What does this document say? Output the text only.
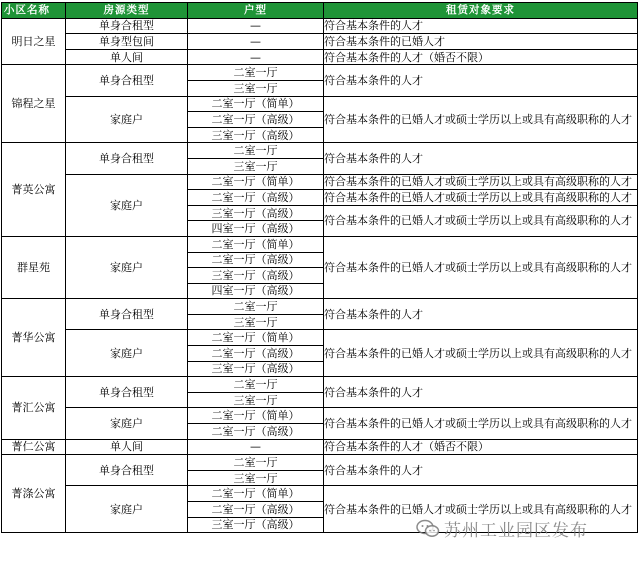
小区名称	房源类型	户型	租赁对象要求
明日之星	单身合租型	—	符合基本条件的人才
	单身型包间	—	符合基本条件的已婚人才
	单人间	—	符合基本条件的人才（婚否不限）
锦程之星	单身合租型	二室一厅	符合基本条件的人才
		三室一厅	
	家庭户	二室一厅（简单）	符合基本条件的已婚人才或硕士学历以上或具有高级职称的人才
		二室一厅（高级）	
		三室一厅（高级）	
菁英公寓	单身合租型	二室一厅	符合基本条件的人才
		三室一厅	
	家庭户	二室一厅（简单）	符合基本条件的已婚人才或硕士学历以上或具有高级职称的人才
		二室一厅（高级）	符合基本条件的已婚人才或硕士学历以上或具有高级职称的人才
		三室一厅（高级）	符合基本条件的已婚人才或硕士学历以上或具有高级职称的人才
		四室一厅（高级）	
群星苑	家庭户	二室一厅（简单）	符合基本条件的已婚人才或硕士学历以上或具有高级职称的人才
		二室一厅（高级）	
		三室一厅（高级）	
		四室一厅（高级）	
菁华公寓	单身合租型	二室一厅	符合基本条件的人才
		三室一厅	
	家庭户	二室一厅（简单）	符合基本条件的已婚人才或硕士学历以上或具有高级职称的人才
		二室一厅（高级）	
		三室一厅（高级）	
菁汇公寓	单身合租型	二室一厅	符合基本条件的人才
		三室一厅	
	家庭户	二室一厅（简单）	符合基本条件的已婚人才或硕士学历以上或具有高级职称的人才
		二室一厅（高级）	
菁仁公寓	单人间	—	符合基本条件的人才（婚否不限）
菁涤公寓	单身合租型	二室一厅	符合基本条件的人才
		三室一厅	
	家庭户	二室一厅（简单）	符合基本条件的已婚人才或硕士学历以上或具有高级职称的人才
		二室一厅（高级）	
		三室一厅（高级）		苏州工业园区发布
